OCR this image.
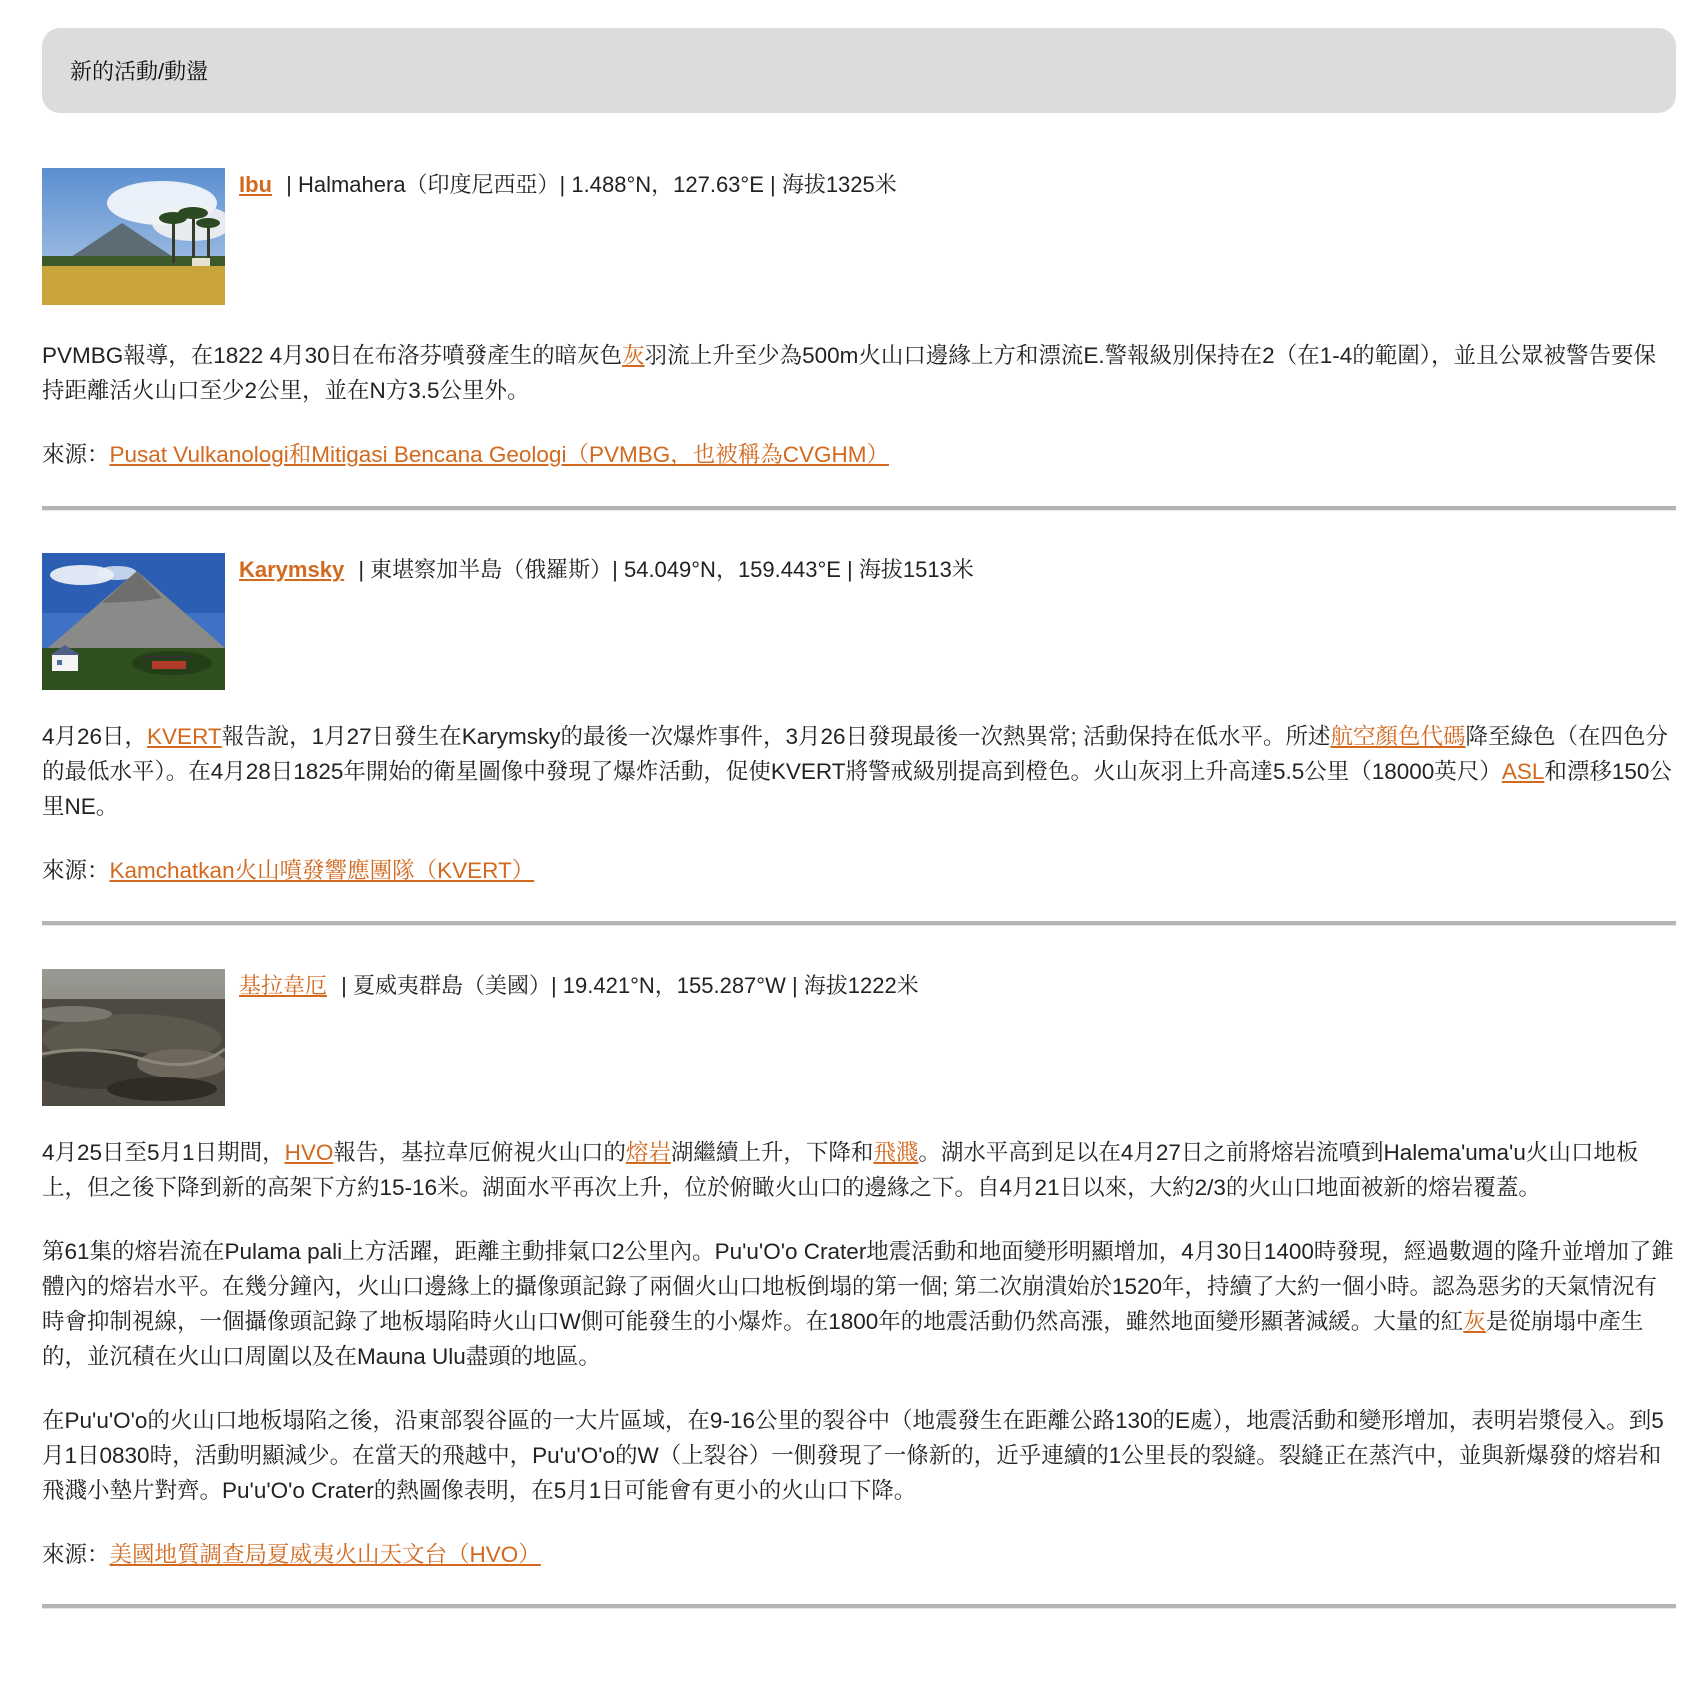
新的活動/動盪
Ibu | Halmahera（印度尼西亞）| 1.488°N，127.63°E | 海拔1325米

PVMBG報導，在1822 4月30日在布洛芬噴發產生的暗灰色灰羽流上升至少為500m火山口邊緣上方和漂流E.警報級別保持在2（在1-4的範圍），並且公眾被警告要保持距離活火山口至少2公里，並在N方3.5公里外。

來源：Pusat Vulkanologi和Mitigasi Bencana Geologi（PVMBG，也被稱為CVGHM）

Karymsky | 東堪察加半島（俄羅斯）| 54.049°N，159.443°E | 海拔1513米

4月26日，KVERT報告說，1月27日發生在Karymsky的最後一次爆炸事件，3月26日發現最後一次熱異常; 活動保持在低水平。所述航空顏色代碼降至綠色（在四色分的最低水平）。在4月28日1825年開始的衛星圖像中發現了爆炸活動，促使KVERT將警戒級別提高到橙色。火山灰羽上升高達5.5公里（18000英尺）ASL和漂移150公里NE。

來源：Kamchatkan火山噴發響應團隊（KVERT）

基拉韋厄 | 夏威夷群島（美國）| 19.421°N，155.287°W | 海拔1222米

4月25日至5月1日期間，HVO報告，基拉韋厄俯視火山口的熔岩湖繼續上升，下降和飛濺。湖水平高到足以在4月27日之前將熔岩流噴到Halema'uma'u火山口地板上，但之後下降到新的高架下方約15-16米。湖面水平再次上升，位於俯瞰火山口的邊緣之下。自4月21日以來，大約2/3的火山口地面被新的熔岩覆蓋。

第61集的熔岩流在Pulama pali上方活躍，距離主動排氣口2公里內。Pu'u'O'o Crater地震活動和地面變形明顯增加，4月30日1400時發現，經過數週的隆升並增加了錐體內的熔岩水平。在幾分鐘內，火山口邊緣上的攝像頭記錄了兩個火山口地板倒塌的第一個; 第二次崩潰始於1520年，持續了大約一個小時。認為惡劣的天氣情況有時會抑制視線，一個攝像頭記錄了地板塌陷時火山口W側可能發生的小爆炸。在1800年的地震活動仍然高漲，雖然地面變形顯著減緩。大量的紅灰是從崩塌中產生的，並沉積在火山口周圍以及在Mauna Ulu盡頭的地區。

在Pu'u'O'o的火山口地板塌陷之後，沿東部裂谷區的一大片區域，在9-16公里的裂谷中（地震發生在距離公路130的E處），地震活動和變形增加，表明岩漿侵入。到5月1日0830時，活動明顯減少。在當天的飛越中，Pu'u'O'o的W（上裂谷）一側發現了一條新的，近乎連續的1公里長的裂縫。裂縫正在蒸汽中，並與新爆發的熔岩和飛濺小墊片對齊。Pu'u'O'o Crater的熱圖像表明，在5月1日可能會有更小的火山口下降。

來源：美國地質調查局夏威夷火山天文台（HVO）
